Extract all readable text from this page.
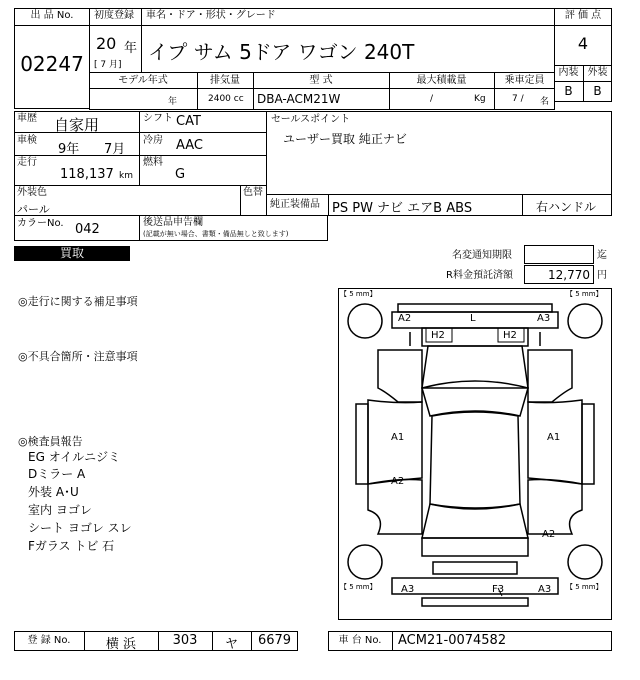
出 品 No.
02247
初度登録 車名・ドア・形状・グレード
20 年
[ 7 月]
イプ サム 5ドア ワゴン 240T
評 価 点
4
内装 外装
B	B
モデル年式	排気量	型 式	最大積載量	乗車定員
年	2400 cc DBA-ACM21W	/	Kg	7 / 名
車歴 自家用	シフト CAT
車検
9年 7月
冷房 AAC
走行
118,137 km
燃料
G
外装色
パール
色替
カラーNo. 042	後送品申告欄
(記載が無い場合、書類・備品無しと致します)
セールスポイント
ユーザー買取 純正ナビ
純正装備品 PS PW ナビ エアB ABS	右ハンドル
買取	名変通知期限	迄
R料金預託済額	12,770 円
◎走行に関する補足事項
◎不具合箇所・注意事項
◎検査員報告
EG オイルニジミ
Dミラー A
外装 A･U
室内 ヨゴレ
シート ヨゴレ スレ
Fガラス トビ 石
【 5 mm】	【 5 mm】
【 5 mm】	【 5 mm】
A2	L	A3
H2	H2
A1	A1
A2
A2
A3	F3	A3
登 録 No.	横 浜	303	ヤ	6679	車 台 No.	ACM21-0074582
